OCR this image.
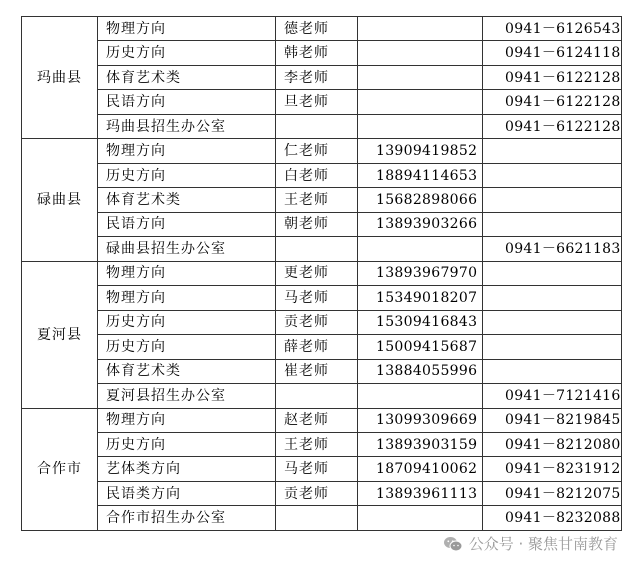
玛曲县	物理方向	德老师		0941－6126543
	历史方向	韩老师		0941－6124118
	体育艺术类	李老师		0941－6122128
	民语方向	旦老师		0941－6122128
	玛曲县招生办公室			0941－6122128
碌曲县	物理方向	仁老师	13909419852	
	历史方向	白老师	18894114653	
	体育艺术类	王老师	15682898066	
	民语方向	朝老师	13893903266	
	碌曲县招生办公室			0941－6621183
夏河县	物理方向	更老师	13893967970	
	物理方向	马老师	15349018207	
	历史方向	贡老师	15309416843	
	历史方向	薛老师	15009415687	
	体育艺术类	崔老师	13884055996	
	夏河县招生办公室			0941－7121416
合作市	物理方向	赵老师	13099309669	0941－8219845
	历史方向	王老师	13893903159	0941－8212080
	艺体类方向	马老师	18709410062	0941－8231912
	民语类方向	贡老师	13893961113	0941－8212075
	合作市招生办公室			0941－8232088
公众号 · 聚焦甘南教育
